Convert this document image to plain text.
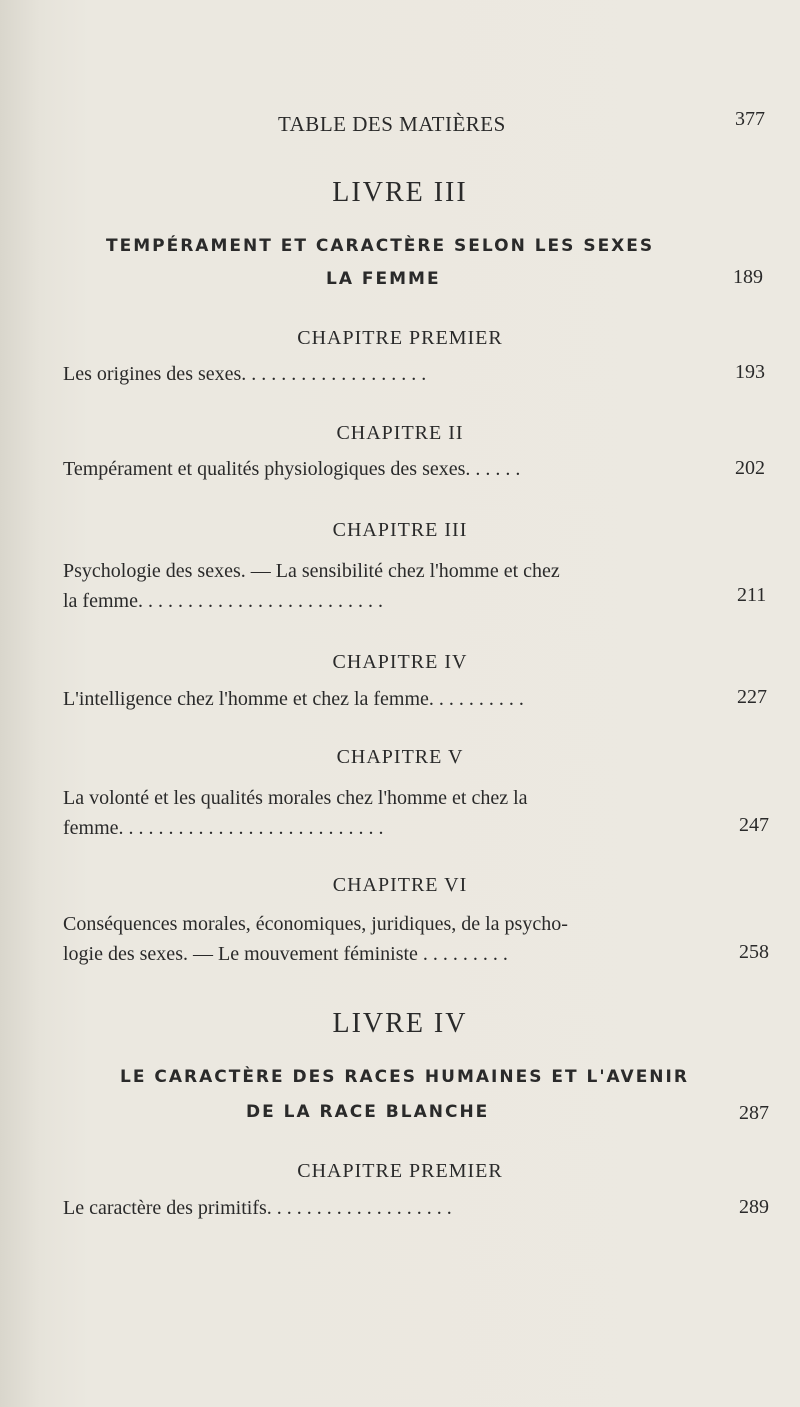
TABLE DES MATIÈRES	377
LIVRE III
TEMPÉRAMENT ET CARACTÈRE SELON LES SEXES
LA FEMME	189
CHAPITRE PREMIER
Les origines des sexes. . . . . . . . . . . . . . . . . . .	193
CHAPITRE II
Tempérament et qualités physiologiques des sexes. . . . . .	202
CHAPITRE III
Psychologie des sexes. — La sensibilité chez l'homme et chez
la femme. . . . . . . . . . . . . . . . . . . . . . . . .	211
CHAPITRE IV
L'intelligence chez l'homme et chez la femme. . . . . . . . . .	227
CHAPITRE V
La volonté et les qualités morales chez l'homme et chez la
femme. . . . . . . . . . . . . . . . . . . . . . . . . . .	247
CHAPITRE VI
Conséquences morales, économiques, juridiques, de la psycho-
logie des sexes. — Le mouvement féministe . . . . . . . . .	258
LIVRE IV
LE CARACTÈRE DES RACES HUMAINES ET L'AVENIR
DE LA RACE BLANCHE	287
CHAPITRE PREMIER
Le caractère des primitifs. . . . . . . . . . . . . . . . . . .	289
